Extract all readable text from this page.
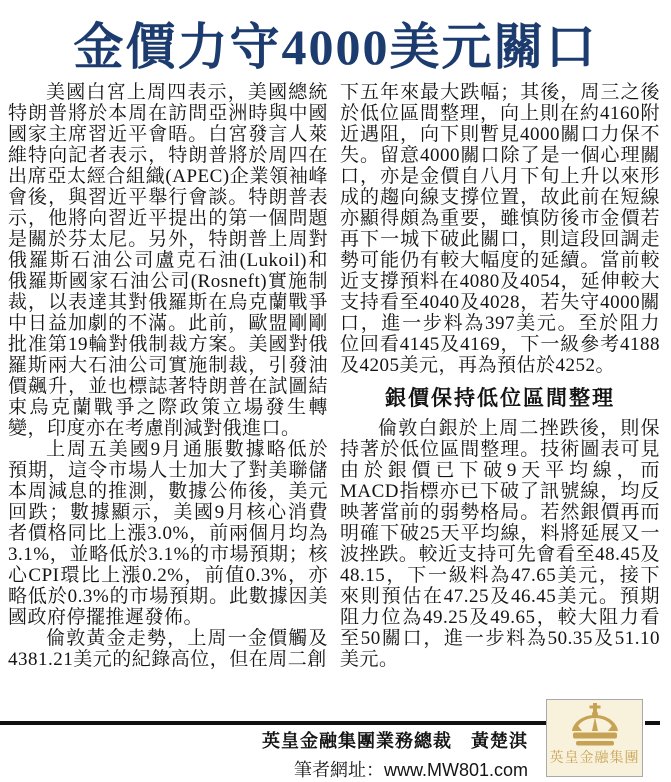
金價力守4000美元關口

美國白宮上周四表示，美國總統特朗普將於本周在訪問亞洲時與中國國家主席習近平會晤。白宮發言人萊維特向記者表示，特朗普將於周四在出席亞太經合組織(APEC)企業領袖峰會後，與習近平舉行會談。特朗普表示，他將向習近平提出的第一個問題是關於芬太尼。另外，特朗普上周對俄羅斯石油公司盧克石油(Lukoil)和俄羅斯國家石油公司(Rosneft)實施制裁，以表達其對俄羅斯在烏克蘭戰爭中日益加劇的不滿。此前，歐盟剛剛批准第19輪對俄制裁方案。美國對俄羅斯兩大石油公司實施制裁，引發油價飆升，並也標誌著特朗普在試圖結束烏克蘭戰爭之際政策立場發生轉變，印度亦在考慮削減對俄進口。

上周五美國9月通脹數據略低於預期，這令市場人士加大了對美聯儲本周減息的推測，數據公佈後，美元回跌；數據顯示，美國9月核心消費者價格同比上漲3.0%，前兩個月均為3.1%，並略低於3.1%的市場預期；核心CPI環比上漲0.2%，前值0.3%，亦略低於0.3%的市場預期。此數據因美國政府停擺推遲發佈。

倫敦黃金走勢，上周一金價觸及4381.21美元的紀錄高位，但在周二創

下五年來最大跌幅；其後，周三之後於低位區間整理，向上則在約4160附近遇阻，向下則暫見4000關口力保不失。留意4000關口除了是一個心理關口，亦是金價自八月下旬上升以來形成的趨向線支撐位置，故此前在短線亦顯得頗為重要，雖慎防後市金價若再下一城下破此關口，則這段回調走勢可能仍有較大幅度的延續。當前較近支撐預料在4080及4054，延伸較大支持看至4040及4028，若失守4000關口，進一步料為397美元。至於阻力位回看4145及4169，下一級參考4188及4205美元，再為預估於4252。

銀價保持低位區間整理

倫敦白銀於上周二挫跌後，則保持著於低位區間整理。技術圖表可見由於銀價已下破9天平均線，而MACD指標亦已下破了訊號線，均反映著當前的弱勢格局。若然銀價再而明確下破25天平均線，料將延展又一波挫跌。較近支持可先會看至48.45及48.15，下一級料為47.65美元，接下來則預估在47.25及46.45美元。預期阻力位為49.25及49.65，較大阻力看至50關口，進一步料為50.35及51.10美元。

英皇金融集團業務總裁　黃楚淇
筆者網址：www.MW801.com
英皇金融集團
